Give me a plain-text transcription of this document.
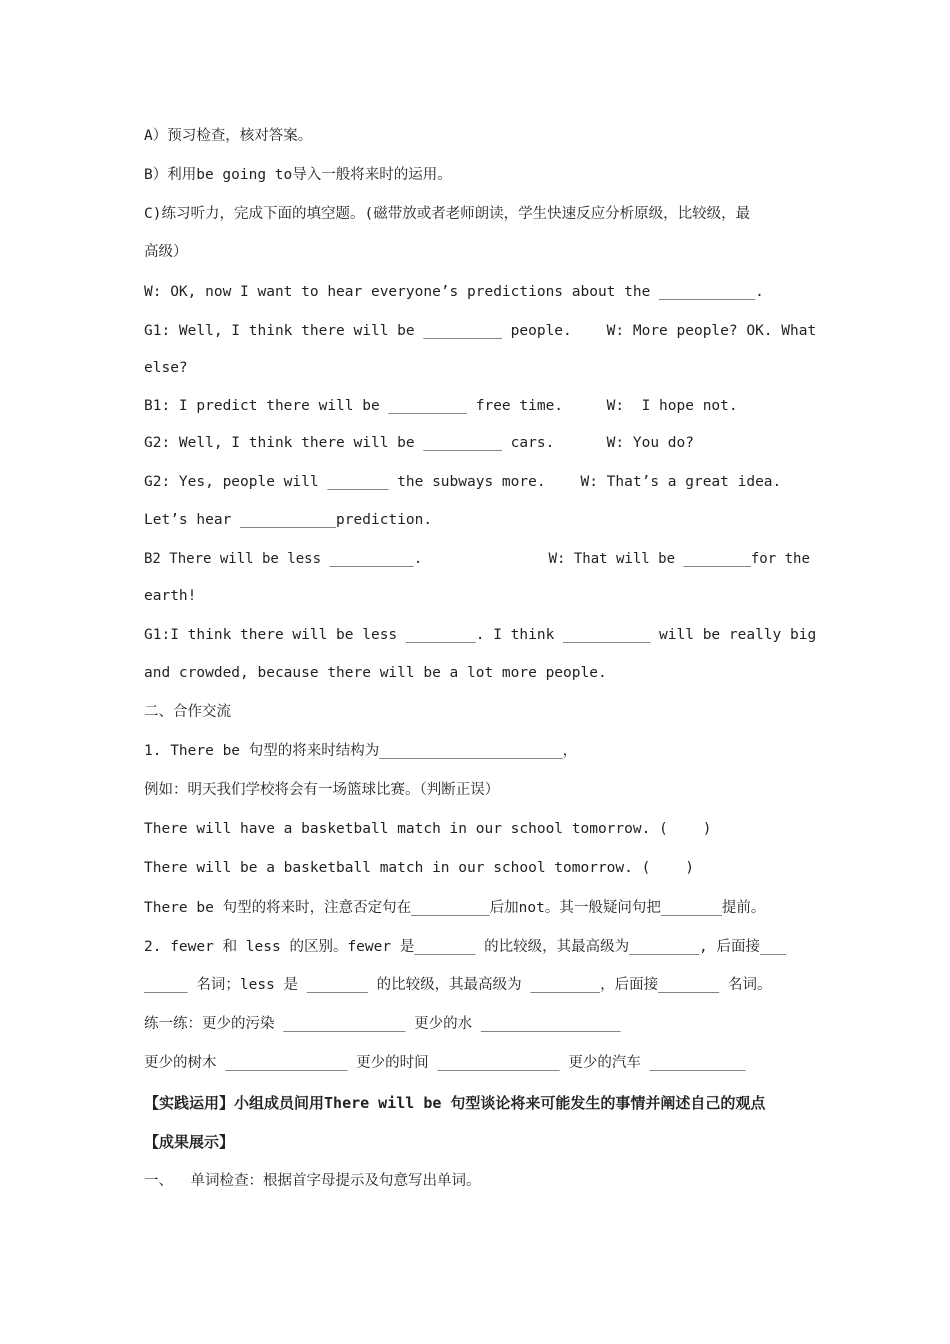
A）预习检查，核对答案。
B）利用be going to导入一般将来时的运用。
C)练习听力，完成下面的填空题。(磁带放或者老师朗读，学生快速反应分析原级，比较级，最
高级）
W: OK, now I want to hear everyone’s predictions about the ___________.
G1: Well, I think there will be _________ people.    W: More people? OK. What
else?
B1: I predict there will be _________ free time.     W:  I hope not.
G2: Well, I think there will be _________ cars.      W: You do?
G2: Yes, people will _______ the subways more.    W: That’s a great idea.
Let’s hear ___________prediction.
B2 There will be less __________.               W: That will be ________for the
earth!
G1:I think there will be less ________. I think __________ will be really big
and crowded, because there will be a lot more people.
二、合作交流
1. There be 句型的将来时结构为_____________________，
例如：明天我们学校将会有一场篮球比赛。（判断正误）
There will have a basketball match in our school tomorrow. (    )
There will be a basketball match in our school tomorrow. (    )
There be 句型的将来时，注意否定句在_________后加not。其一般疑问句把_______提前。
2. fewer 和 less 的区别。fewer 是_______ 的比较级，其最高级为________, 后面接___
_____ 名词；less 是 _______ 的比较级，其最高级为 ________，后面接_______ 名词。
练一练：更少的污染 ______________ 更少的水 ________________
更少的树木 ______________ 更少的时间 ______________ 更少的汽车 ___________
【实践运用】小组成员间用There will be 句型谈论将来可能发生的事情并阐述自己的观点
【成果展示】
一、  单词检查：根据首字母提示及句意写出单词。
